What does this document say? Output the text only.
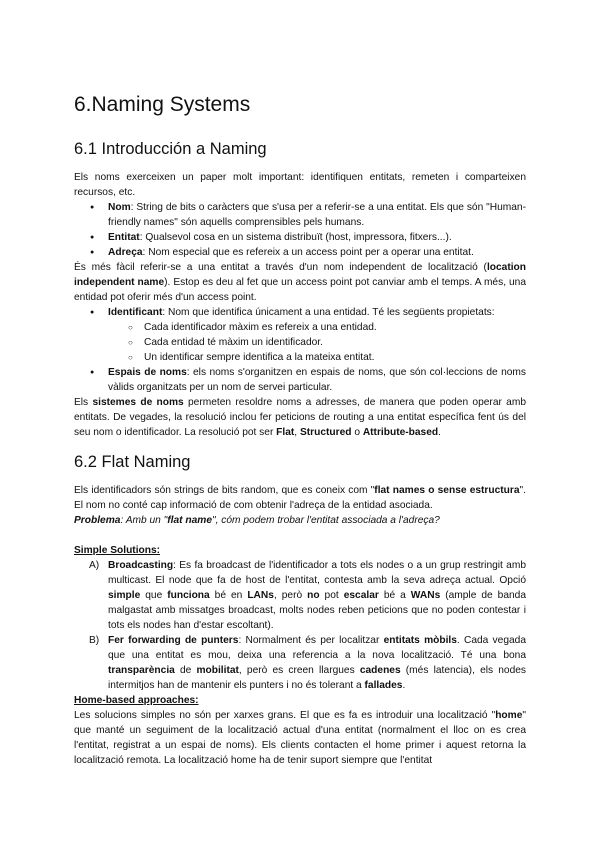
6.Naming Systems
6.1 Introducción a Naming

Els noms exerceixen un paper molt important: identifiquen entitats, remeten i comparteixen recursos, etc.

● Nom: String de bits o caràcters que s'usa per a referir-se a una entitat. Els que són "Human-friendly names" són aquells comprensibles pels humans.
● Entitat: Qualsevol cosa en un sistema distribuït (host, impressora, fitxers...).
● Adreça: Nom especial que es refereix a un access point per a operar una entitat.

És més fàcil referir-se a una entitat a través d'un nom independent de localització (location independent name). Estop es deu al fet que un access point pot canviar amb el temps. A més, una entidad pot oferir més d'un access point.

● Identificant: Nom que identifica únicament a una entidad. Té les següents propietats:
○ Cada identificador màxim es refereix a una entidad.
○ Cada entidad té màxim un identificador.
○ Un identificar sempre identifica a la mateixa entitat.
● Espais de noms: els noms s'organitzen en espais de noms, que són col·leccions de noms vàlids organitzats per un nom de servei particular.

Els sistemes de noms permeten resoldre noms a adresses, de manera que poden operar amb entitats. De vegades, la resolució inclou fer peticions de routing a una entitat específica fent ús del seu nom o identificador. La resolució pot ser Flat, Structured o Attribute-based.

6.2 Flat Naming

Els identificadors són strings de bits random, que es coneix com "flat names o sense estructura". El nom no conté cap informació de com obtenir l'adreça de la entidad asociada.

Problema: Amb un "flat name", cóm podem trobar l'entitat associada a l'adreça?

Simple Solutions:

A) Broadcasting: Es fa broadcast de l'identificador a tots els nodes o a un grup restringit amb multicast. El node que fa de host de l'entitat, contesta amb la seva adreça actual. Opció simple que funciona bé en LANs, però no pot escalar bé a WANs (ample de banda malgastat amb missatges broadcast, molts nodes reben peticions que no poden contestar i tots els nodes han d'estar escoltant).
B) Fer forwarding de punters: Normalment és per localitzar entitats mòbils. Cada vegada que una entitat es mou, deixa una referencia a la nova localització. Té una bona transparència de mobilitat, però es creen llargues cadenes (més latencia), els nodes intermitjos han de mantenir els punters i no és tolerant a fallades.

Home-based approaches:

Les solucions simples no són per xarxes grans. El que es fa es introduir una localització "home" que manté un seguiment de la localització actual d'una entitat (normalment el lloc on es crea l'entitat, registrat a un espai de noms). Els clients contacten el home primer i aquest retorna la localització remota. La localització home ha de tenir suport siempre que l'entitat
